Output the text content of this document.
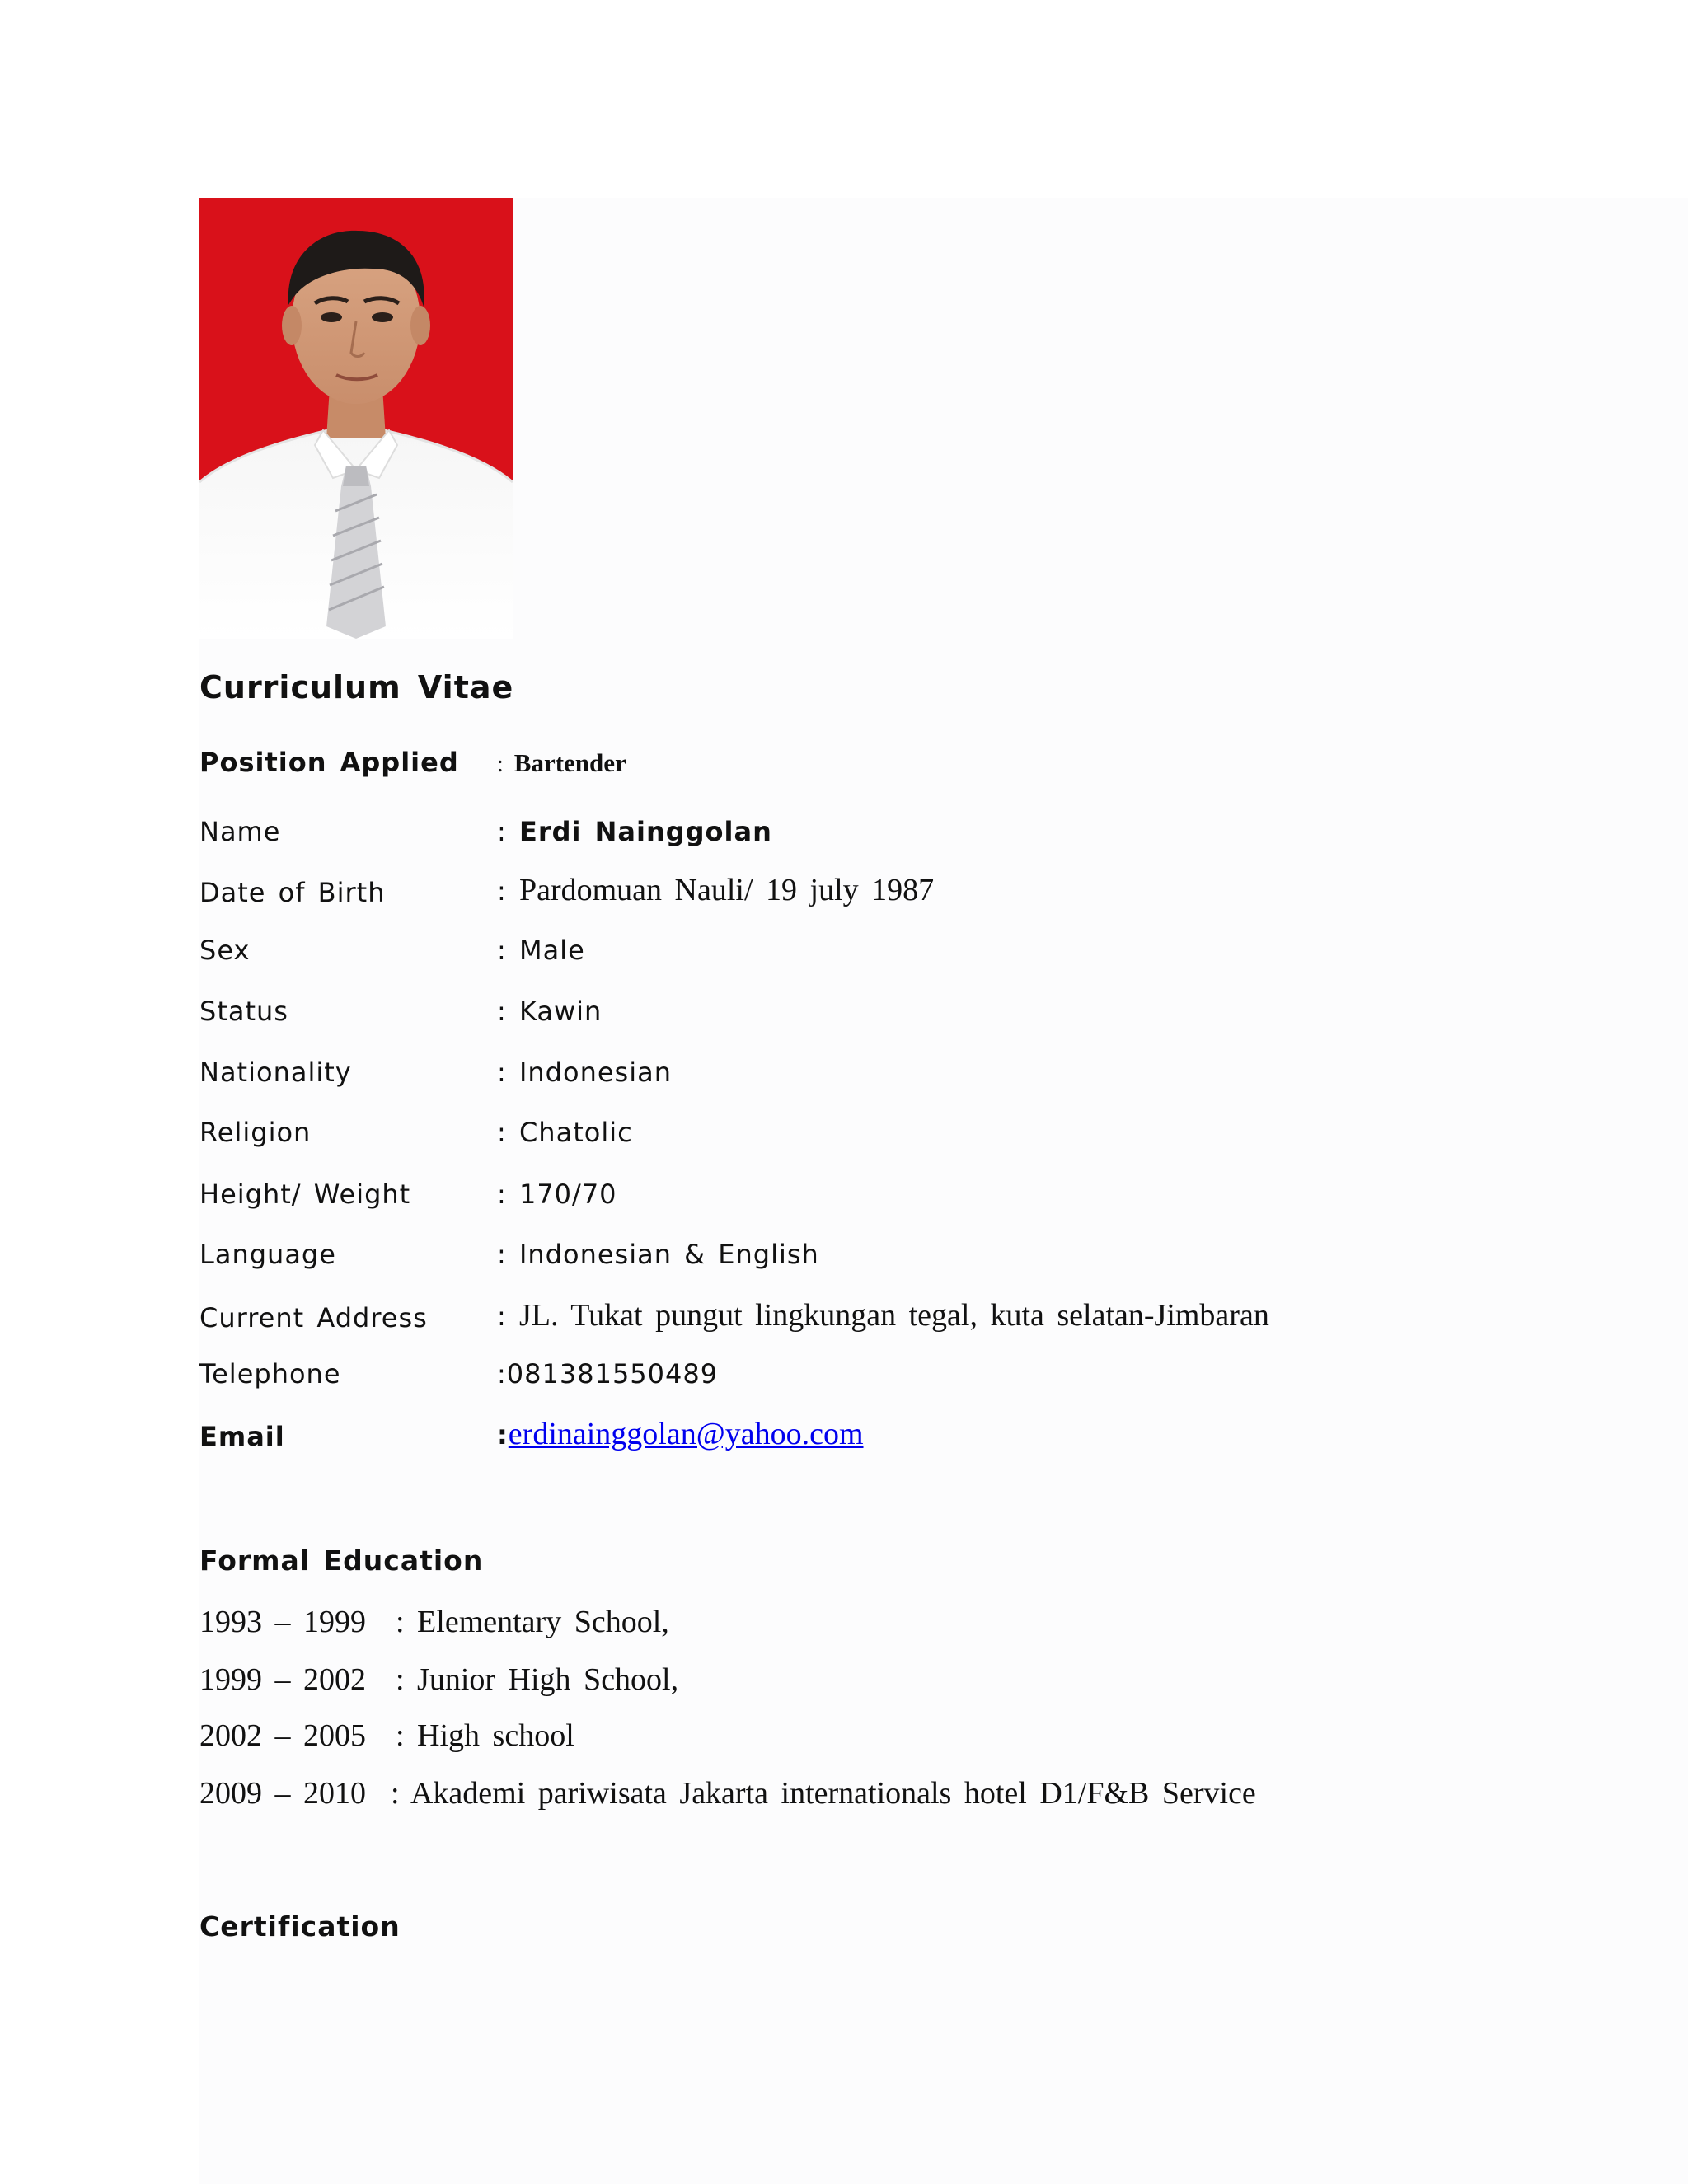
Curriculum Vitae
Position Applied : Bartender
Name	: Erdi Nainggolan
Date of Birth	: Pardomuan Nauli/ 19 july 1987
Sex	: Male
Status	: Kawin
Nationality	: Indonesian
Religion	: Chatolic
Height/ Weight	: 170/70
Language	: Indonesian & English
Current Address	: JL. Tukat pungut lingkungan tegal, kuta selatan-Jimbaran
Telephone	:081381550489
Email	:erdinainggolan@yahoo.com
Formal Education
1993 – 1999 : Elementary School,
1999 – 2002 : Junior High School,
2002 – 2005 : High school
2009 – 2010 : Akademi pariwisata Jakarta internationals hotel D1/F&B Service
Certification
